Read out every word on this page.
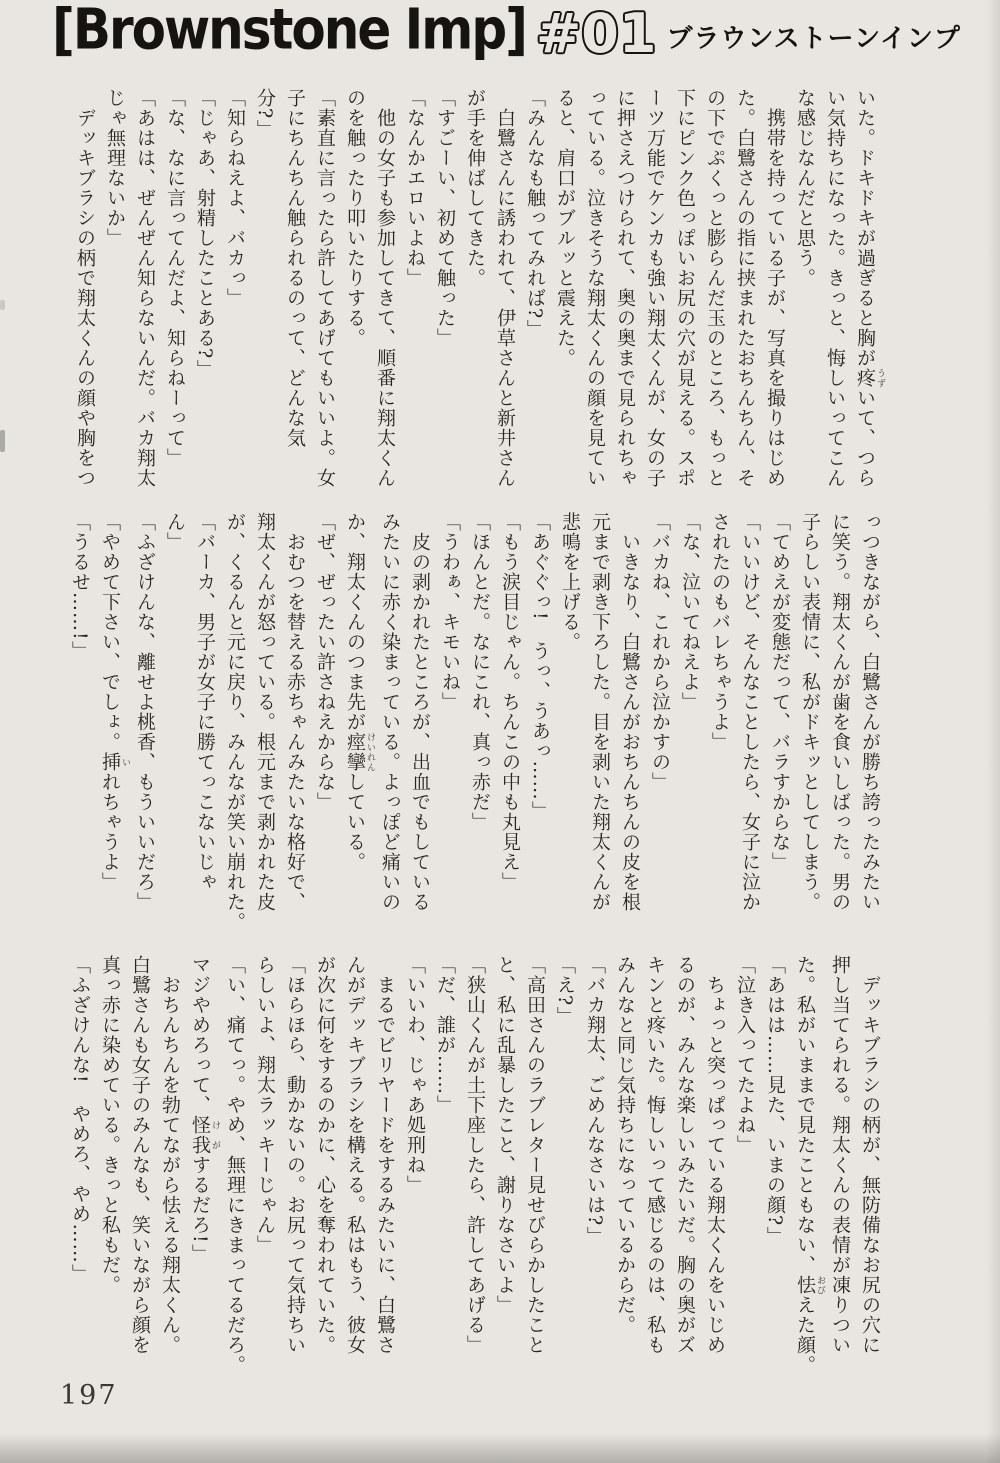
[Brownstone Imp] #01 ブラウンストーンインプ
いた。ドキドキが過ぎると胸が疼 うずいて、つら
い気持ちになった。きっと、悔しいってこん
な感じなんだと思う。
　携帯を持っている子が、写真を撮りはじめ
た。白鷺さんの指に挟まれたおちんちん、そ
の下でぷくっと膨らんだ玉のところ、もっと
下にピンク色っぽいお尻の穴が見える。スポ
ーツ万能でケンカも強い翔太くんが、女の子
に押さえつけられて、奥の奥まで見られちゃ
っている。泣きそうな翔太くんの顔を見てい
ると、肩口がブルッと震えた。
「みんなも触ってみれば?」
　白鷺さんに誘われて、伊草さんと新井さん
が手を伸ばしてきた。
「すごーい、初めて触った」
「なんかエロいよね」
　他の女子も参加してきて、順番に翔太くん
のを触ったり叩いたりする。
「素直に言ったら許してあげてもいいよ。女
子にちんちん触られるのって、どんな気
分?」
「知らねえよ、バカっ」
「じゃあ、射精したことある?」
「な、なに言ってんだよ、知らねーって」
「あはは、ぜんぜん知らないんだ。バカ翔太
じゃ無理ないか」
　デッキブラシの柄で翔太くんの顔や胸をつ
っつきながら、白鷺さんが勝ち誇ったみたい
に笑う。翔太くんが歯を食いしばった。男の
子らしい表情に、私がドキッとしてしまう。
「てめえが変態だって、バラすからな」
「いいけど、そんなことしたら、女子に泣か
されたのもバレちゃうよ」
「な、泣いてねえよ」
「バカね、これから泣かすの」
　いきなり、白鷺さんがおちんちんの皮を根
元まで剥き下ろした。目を剥いた翔太くんが
悲鳴を上げる。
「あぐぐっ!　うっ、うあっ……」
「もう涙目じゃん。ちんこの中も丸見え」
「ほんとだ。なにこれ、真っ赤だ」
「うわぁ、キモいね」
　皮の剥かれたところが、出血でもしている
みたいに赤く染まっている。よっぽど痛いの
か、翔太くんのつま先が痙攣 けいれんしている。
「ぜ、ぜったい許さねえからな」
　おむつを替える赤ちゃんみたいな格好で、
翔太くんが怒っている。根元まで剥かれた皮
が、くるんと元に戻り、みんなが笑い崩れた。
「バーカ、男子が女子に勝てっこないじゃ
ん」
「ふざけんな、離せよ桃香、もういいだろ」
「やめて下さい、でしょ。挿 いれちゃうよ」
「うるせ……!」
　デッキブラシの柄が、無防備なお尻の穴に
押し当てられる。翔太くんの表情が凍りつい
た。私がいままで見たこともない、怯 おびえた顔。
「あはは……見た、いまの顔?」
「泣き入ってたよね」
　ちょっと突っぱっている翔太くんをいじめ
るのが、みんな楽しいみたいだ。胸の奥がズ
キンと疼いた。悔しいって感じるのは、私も
みんなと同じ気持ちになっているからだ。
「バカ翔太、ごめんなさいは?」
「え?」
「高田さんのラブレター見せびらかしたこと
と、私に乱暴したこと、謝りなさいよ」
「狭山くんが土下座したら、許してあげる」
「だ、誰が……」
「いいわ、じゃあ処刑ね」
　まるでビリヤードをするみたいに、白鷺さ
んがデッキブラシを構える。私はもう、彼女
が次に何をするのかに、心を奪われていた。
「ほらほら、動かないの。お尻って気持ちい
らしいよ、翔太ラッキーじゃん」
「い、痛てっ。やめ、無理にきまってるだろ。
マジやめろって、怪我 けがするだろ!」
　おちんちんを勃てながら怯える翔太くん。
白鷺さんも女子のみんなも、笑いながら顔を
真っ赤に染めている。きっと私もだ。
「ふざけんな!　やめろ、やめ……」
197
